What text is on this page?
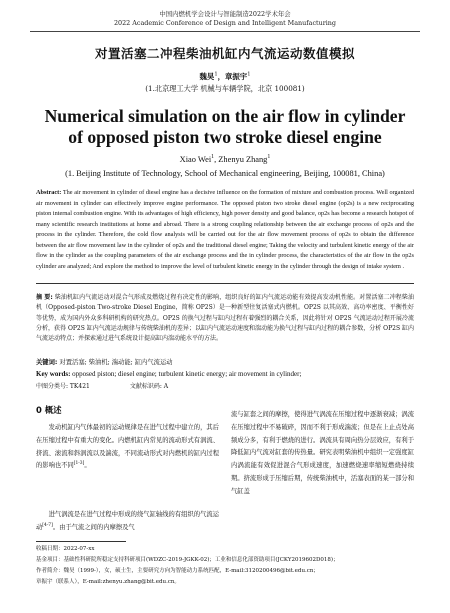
中国内燃机学会设计与智能制造2022学术年会
2022 Academic Conference of Design and Intelligent Manufacturing
对置活塞二冲程柴油机缸内气流运动数值模拟
魏昊$^1$，章振宇$^1$
(1.北京理工大学 机械与车辆学院，北京 100081)
Numerical simulation on the air flow in cylinder of opposed piston two stroke diesel engine
Xiao Wei$^1$, Zhenyu Zhang$^1$
(1. Beijing Institute of Technology, School of Mechanical engineering, Beijing, 100081, China)
Abstract: The air movement in cylinder of diesel engine has a decisive influence on the formation of mixture and combustion process. Well organized air movement in cylinder can effectively improve engine performance. The opposed piston two stroke diesel engine (op2s) is a new reciprocating piston internal combustion engine. With its advantages of high efficiency, high power density and good balance, op2s has become a research hotspot of many scientific research institutions at home and abroad. There is a strong coupling relationship between the air exchange process of op2s and the process in the cylinder. Therefore, the cold flow analysis will be carried out for the air flow movement process of op2s to obtain the difference between the air flow movement law in the cylinder of op2s and the traditional diesel engine; Taking the velocity and turbulent kinetic energy of the air flow in the cylinder as the coupling parameters of the air exchange process and the in cylinder process, the characteristics of the air flow in the op2s cylinder are analyzed; And explore the method to improve the level of turbulent kinetic energy in the cylinder through the design of intake system .
摘 要: 柴油机缸内气流运动对混合气形成及燃烧过程有决定性的影响，组织良好的缸内气流运动能有效提高发动机性能。对置活塞二冲程柴油机（Opposed-piston Two-stroke Diesel Engine，简称 OP2S）是一种新型往复活塞式内燃机。OP2S 以其高效、高功率密度、平衡性好等优势，成为国内外众多科研机构的研究热点。OP2S 的换气过程与缸内过程有着强烈的耦合关系，因此将针对 OP2S 气流运动过程开展冷流分析，获得 OP2S 缸内气流运动规律与传统柴油机的差异；以缸内气流运动速度和湍动能为换气过程与缸内过程的耦合参数，分析 OP2S 缸内气流运动特点；并探索通过进气系统设计提高缸内湍动能水平的方法。
关键词: 对置活塞; 柴油机; 湍动能; 缸内气流运动
Key words: opposed piston; diesel engine; turbulent kinetic energy; air movement in cylinder;
中图分类号: TK421	文献标识码: A
0 概述

发动机缸内气体最初的运动规律是在进气过程中建立的，其后在压缩过程中有重大的变化。内燃机缸内常见的流动形式有涡流、挤流、滚流和斜涡流以及湍流，不同流动形式对内燃机的缸内过程的影响也不同[1-3]。

进气涡流是在进气过程中形成的绕气缸轴线的有组织的气流运动[4-7]。由于气流之间的内摩擦及气

流与缸套之间的摩擦，使得进气涡流在压缩过程中逐渐衰减；涡流在压缩过程中不易破碎，因而不利于形成湍流；但是在上止点处高频成分多，有利于燃烧的进行。涡流具有周向热分层效应，有利于降低缸内气流对缸套的传热量。研究表明柴油机中组织一定强度缸内涡流能有效促进混合气形成速度，加速燃烧速率缩短燃烧持续期。挤流形成于压缩后期，传统柴油机中，活塞表面的某一部分和气缸盖

收稿日期：2022-07-xx
基金项目：基础性科研院所稳定支持科研项目(WDZC-2019-JGKK-02)；工业和信息化部资助项目(JCKY2019602D018)；
作者简介：魏昊（1999-），女，硕士生，主要研究方向为智能动力系统匹配，E-mail:3120200496@bit.edu.cn；
章振宇（联系人），E-mail:zhenyu.zhang@bit.edu.cn。
